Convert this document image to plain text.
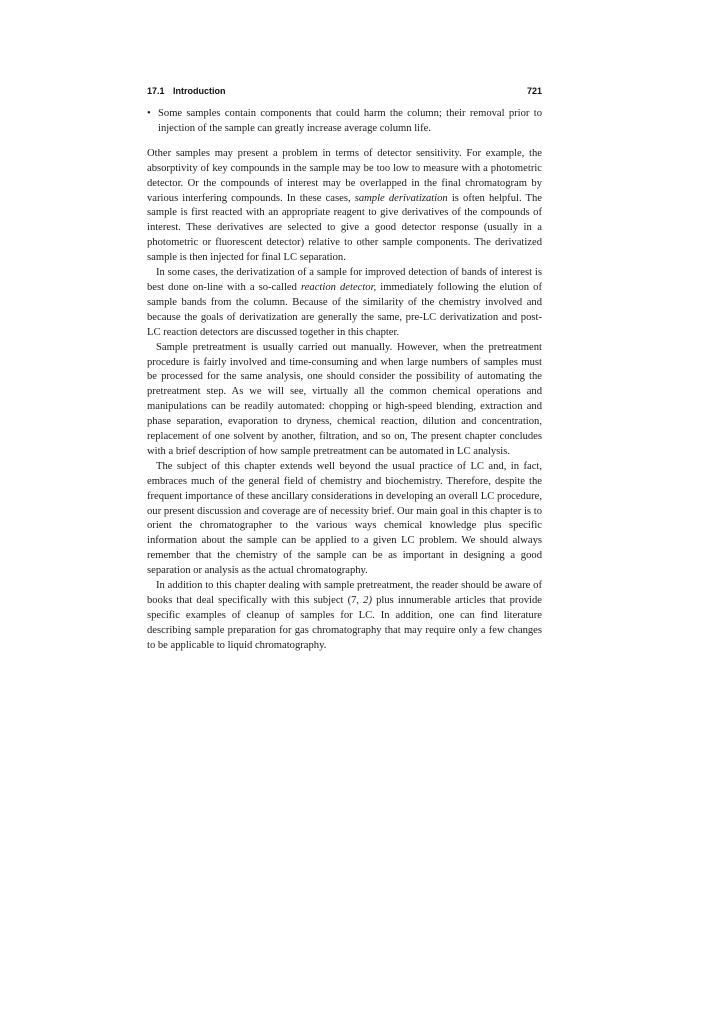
17.1 Introduction	721
• Some samples contain components that could harm the column; their removal prior to injection of the sample can greatly increase average column life.

Other samples may present a problem in terms of detector sensitivity. For example, the absorptivity of key compounds in the sample may be too low to measure with a photometric detector. Or the compounds of interest may be overlapped in the final chromatogram by various interfering compounds. In these cases, sample derivatization is often helpful. The sample is first reacted with an appropriate reagent to give derivatives of the compounds of interest. These derivatives are selected to give a good detector response (usually in a photometric or fluorescent detector) relative to other sample components. The derivatized sample is then injected for final LC separation.

In some cases, the derivatization of a sample for improved detection of bands of interest is best done on-line with a so-called reaction detector, immediately following the elution of sample bands from the column. Because of the similarity of the chemistry involved and because the goals of derivatization are generally the same, pre-LC derivatization and post-LC reaction detectors are discussed together in this chapter.

Sample pretreatment is usually carried out manually. However, when the pretreatment procedure is fairly involved and time-consuming and when large numbers of samples must be processed for the same analysis, one should consider the possibility of automating the pretreatment step. As we will see, virtually all the common chemical operations and manipulations can be readily automated: chopping or high-speed blending, extraction and phase separation, evaporation to dryness, chemical reaction, dilution and concentration, replacement of one solvent by another, filtration, and so on, The present chapter concludes with a brief description of how sample pretreatment can be automated in LC analysis.

The subject of this chapter extends well beyond the usual practice of LC and, in fact, embraces much of the general field of chemistry and biochemistry. Therefore, despite the frequent importance of these ancillary considerations in developing an overall LC procedure, our present discussion and coverage are of necessity brief. Our main goal in this chapter is to orient the chromatographer to the various ways chemical knowledge plus specific information about the sample can be applied to a given LC problem. We should always remember that the chemistry of the sample can be as important in designing a good separation or analysis as the actual chromatography.

In addition to this chapter dealing with sample pretreatment, the reader should be aware of books that deal specifically with this subject (7, 2) plus innumerable articles that provide specific examples of cleanup of samples for LC. In addition, one can find literature describing sample preparation for gas chromatography that may require only a few changes to be applicable to liquid chromatography.
